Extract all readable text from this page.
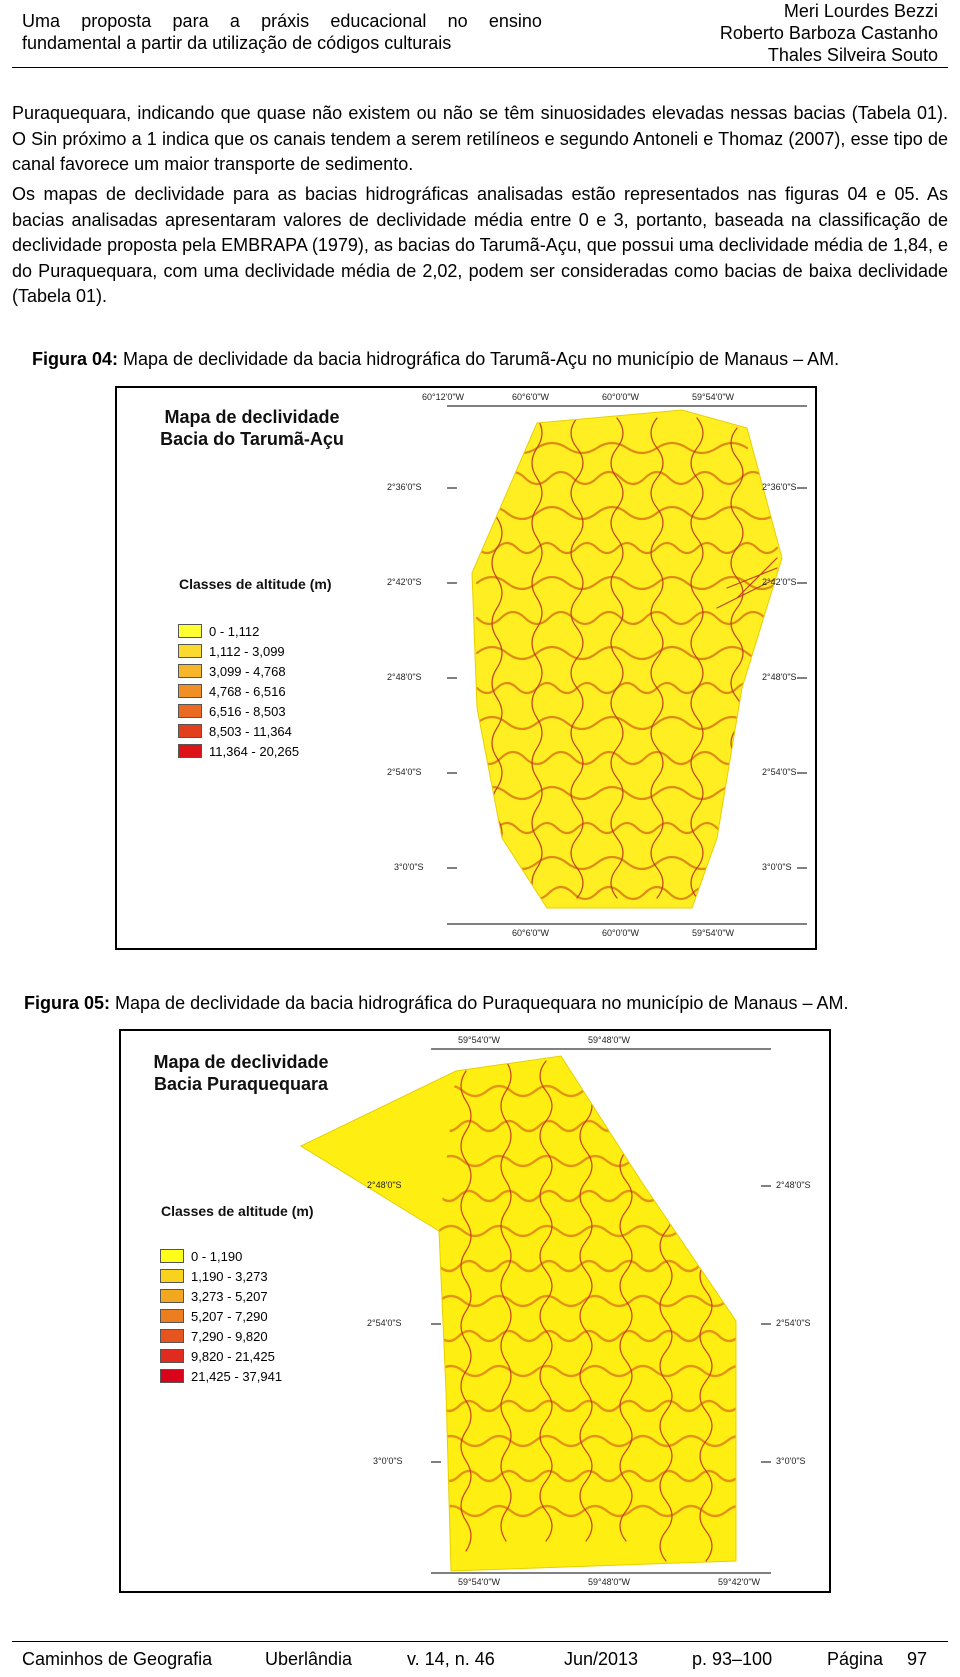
Uma proposta para a práxis educacional no ensino
fundamental a partir da utilização de códigos culturais
Meri Lourdes Bezzi
Roberto Barboza Castanho
Thales Silveira Souto
Puraquequara, indicando que quase não existem ou não se têm sinuosidades elevadas nessas bacias (Tabela 01). O Sin próximo a 1 indica que os canais tendem a serem retilíneos e segundo Antoneli e Thomaz (2007), esse tipo de canal favorece um maior transporte de sedimento.
Os mapas de declividade para as bacias hidrográficas analisadas estão representados nas figuras 04 e 05. As bacias analisadas apresentaram valores de declividade média entre 0 e 3, portanto, baseada na classificação de declividade proposta pela EMBRAPA (1979), as bacias do Tarumã-Açu, que possui uma declividade média de 1,84, e do Puraquequara, com uma declividade média de 2,02, podem ser consideradas como bacias de baixa declividade (Tabela 01).
Figura 04: Mapa de declividade da bacia hidrográfica do Tarumã-Açu no município de Manaus – AM.
Mapa de declividade
Bacia do Tarumã-Açu
Classes de altitude (m)
0 - 1,112
1,112 - 3,099
3,099 - 4,768
4,768 - 6,516
6,516 - 8,503
8,503 - 11,364
11,364 - 20,265
60°12'0"W	60°6'0"W	60°0'0"W	59°54'0"W
60°6'0"W	60°0'0"W	59°54'0"W
2°36'0"S
2°42'0"S
2°48'0"S
2°54'0"S
3°0'0"S
2°36'0"S
2°42'0"S
2°48'0"S
2°54'0"S
3°0'0"S
Figura 05: Mapa de declividade da bacia hidrográfica do Puraquequara no município de Manaus – AM.
Mapa de declividade
Bacia Puraquequara
Classes de altitude (m)
0 - 1,190
1,190 - 3,273
3,273 - 5,207
5,207 - 7,290
7,290 - 9,820
9,820 - 21,425
21,425 - 37,941
59°54'0"W	59°48'0"W
59°54'0"W	59°48'0"W	59°42'0"W
2°48'0"S
2°54'0"S
3°0'0"S
2°48'0"S
2°54'0"S
3°0'0"S
Caminhos de Geografia	Uberlândia	v. 14, n. 46	Jun/2013	p. 93–100	Página 97
